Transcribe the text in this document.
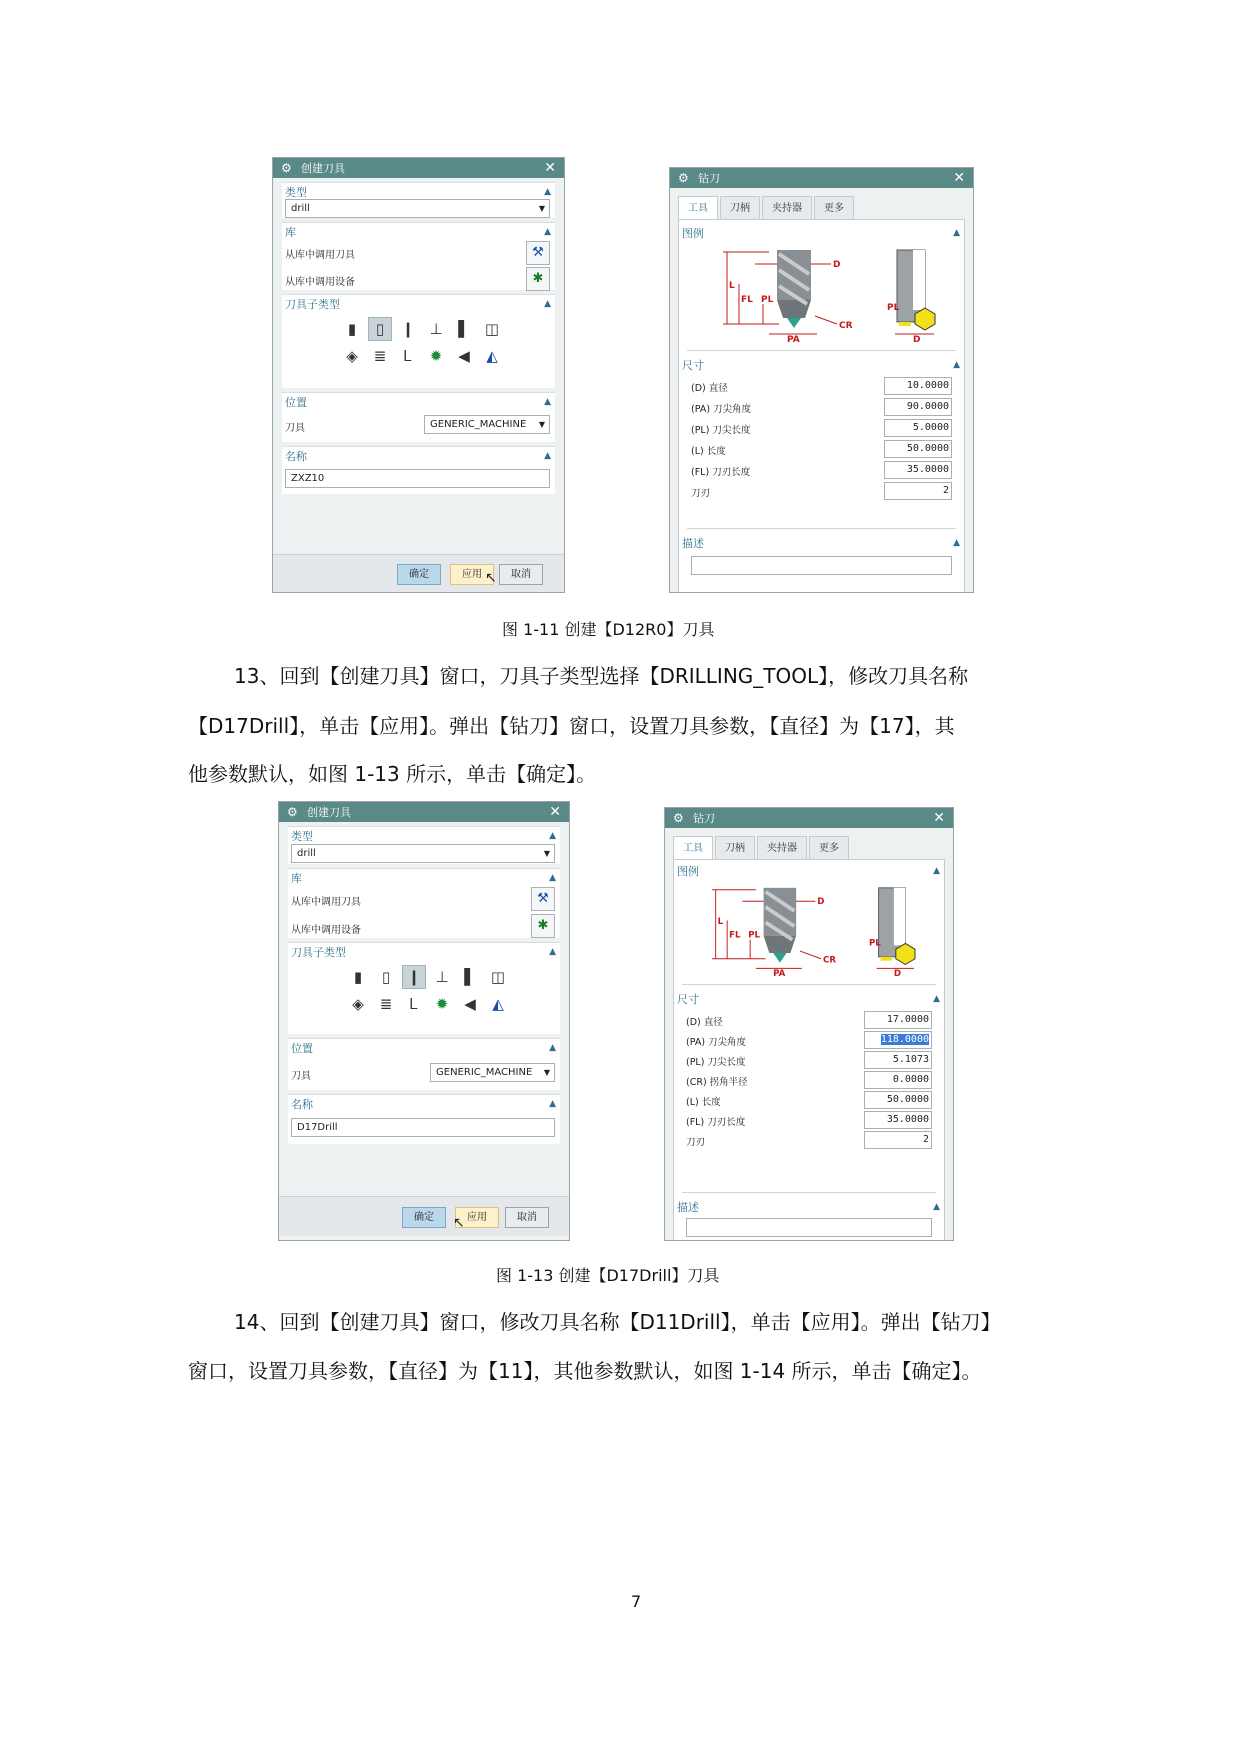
⚙ 创建刀具	✕
类型	▲
drill	▼
库	▲
从库中调用刀具	⚒
从库中调用设备	✱
刀具子类型	▲
▮	▯	❙	⊥	▌	◫
◈	≣	Ꮮ	✹	◀	◭
位置	▲
刀具	GENERIC_MACHINE ▼
名称	▲
ZXZ10
确定	应用	取消
↖
⚙ 钻刀	✕
工具	刀柄	夹持器	更多
图例	▲
D
L
FL PL
CR
PA
PL
D
尺寸	▲
(D) 直径	10.0000
(PA) 刀尖角度	90.0000
(PL) 刀尖长度	5.0000
(L) 长度	50.0000
(FL) 刀刃长度	35.0000
刀刃	2
描述	▲
图 1-11 创建【D12R0】刀具
13、回到【创建刀具】窗口，刀具子类型选择【DRILLING_TOOL】，修改刀具名称
【D17Drill】，单击【应用】。弹出【钻刀】窗口，设置刀具参数，【直径】为【17】，其
他参数默认，如图 1-13 所示，单击【确定】。
⚙ 创建刀具	✕
类型	▲
drill	▼
库	▲
从库中调用刀具	⚒
从库中调用设备	✱
刀具子类型	▲
▮	▯	❙	⊥	▌	◫
◈	≣	Ꮮ	✹	◀	◭
位置	▲
刀具	GENERIC_MACHINE ▼
名称	▲
D17Drill
确定	应用	取消
↖
⚙ 钻刀	✕
工具	刀柄	夹持器	更多
图例	▲
D
L
FL PL
CR
PA
PL
D
尺寸	▲
(D) 直径	17.0000
(PA) 刀尖角度	118.0000
(PL) 刀尖长度	5.1073
(CR) 拐角半径	0.0000
(L) 长度	50.0000
(FL) 刀刃长度	35.0000
刀刃	2
描述	▲
图 1-13 创建【D17Drill】刀具
14、回到【创建刀具】窗口，修改刀具名称【D11Drill】，单击【应用】。弹出【钻刀】
窗口，设置刀具参数，【直径】为【11】，其他参数默认，如图 1-14 所示，单击【确定】。
7
